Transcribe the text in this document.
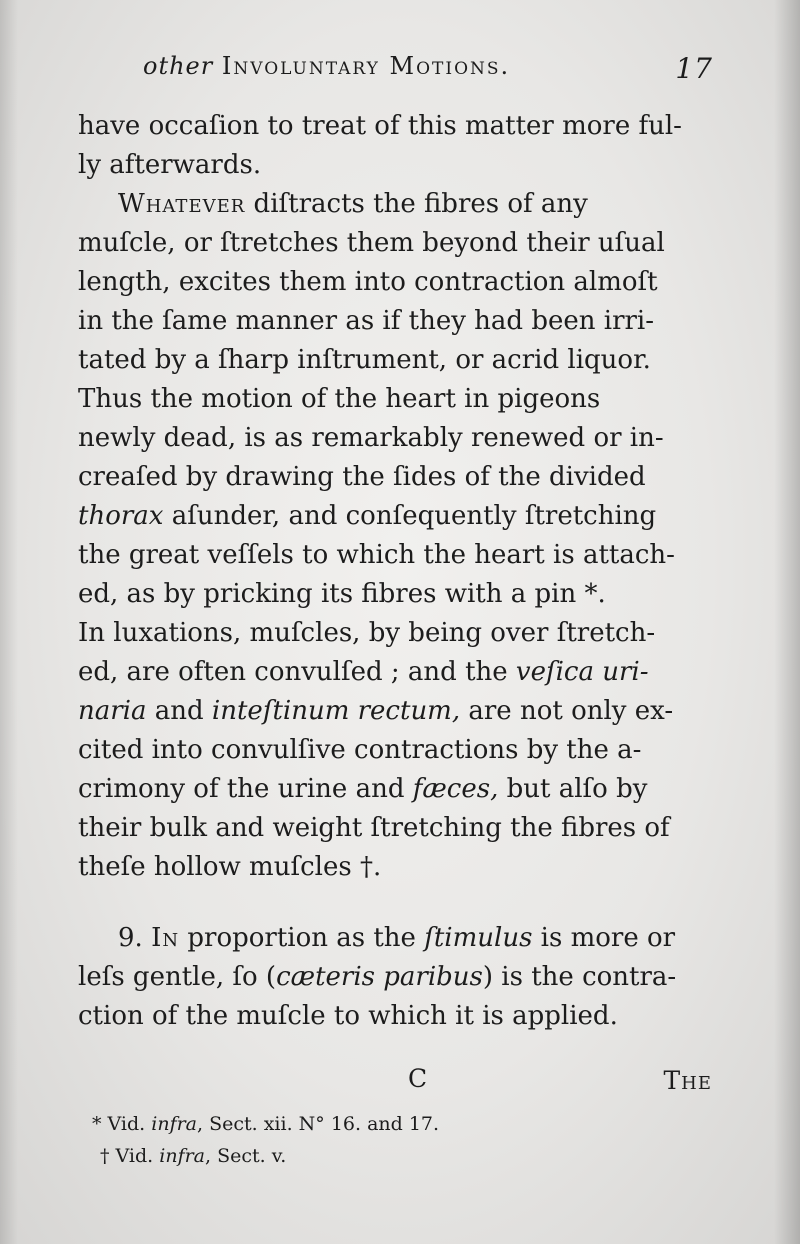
other Involuntary Motions.	17
have occaſion to treat of this matter more ful-
ly afterwards.
Whatever diſtracts the fibres of any
muſcle, or ſtretches them beyond their uſual
length, excites them into contraction almoſt
in the ſame manner as if they had been irri-
tated by a ſharp inſtrument, or acrid liquor.
Thus the motion of the heart in pigeons
newly dead, is as remarkably renewed or in-
creaſed by drawing the ſides of the divided
thorax aſunder, and conſequently ſtretching
the great veſſels to which the heart is attach-
ed, as by pricking its fibres with a pin *.
In luxations, muſcles, by being over ſtretch-
ed, are often convulſed ; and the veſica uri-
naria and inteſtinum rectum, are not only ex-
cited into convulſive contractions by the a-
crimony of the urine and fæces, but alſo by
their bulk and weight ſtretching the fibres of
theſe hollow muſcles †.
9. In proportion as the ſtimulus is more or
leſs gentle, ſo (cæteris paribus) is the contra-
ction of the muſcle to which it is applied.
C	The
* Vid. infra, Sect. xii. N° 16. and 17.
† Vid. infra, Sect. v.
